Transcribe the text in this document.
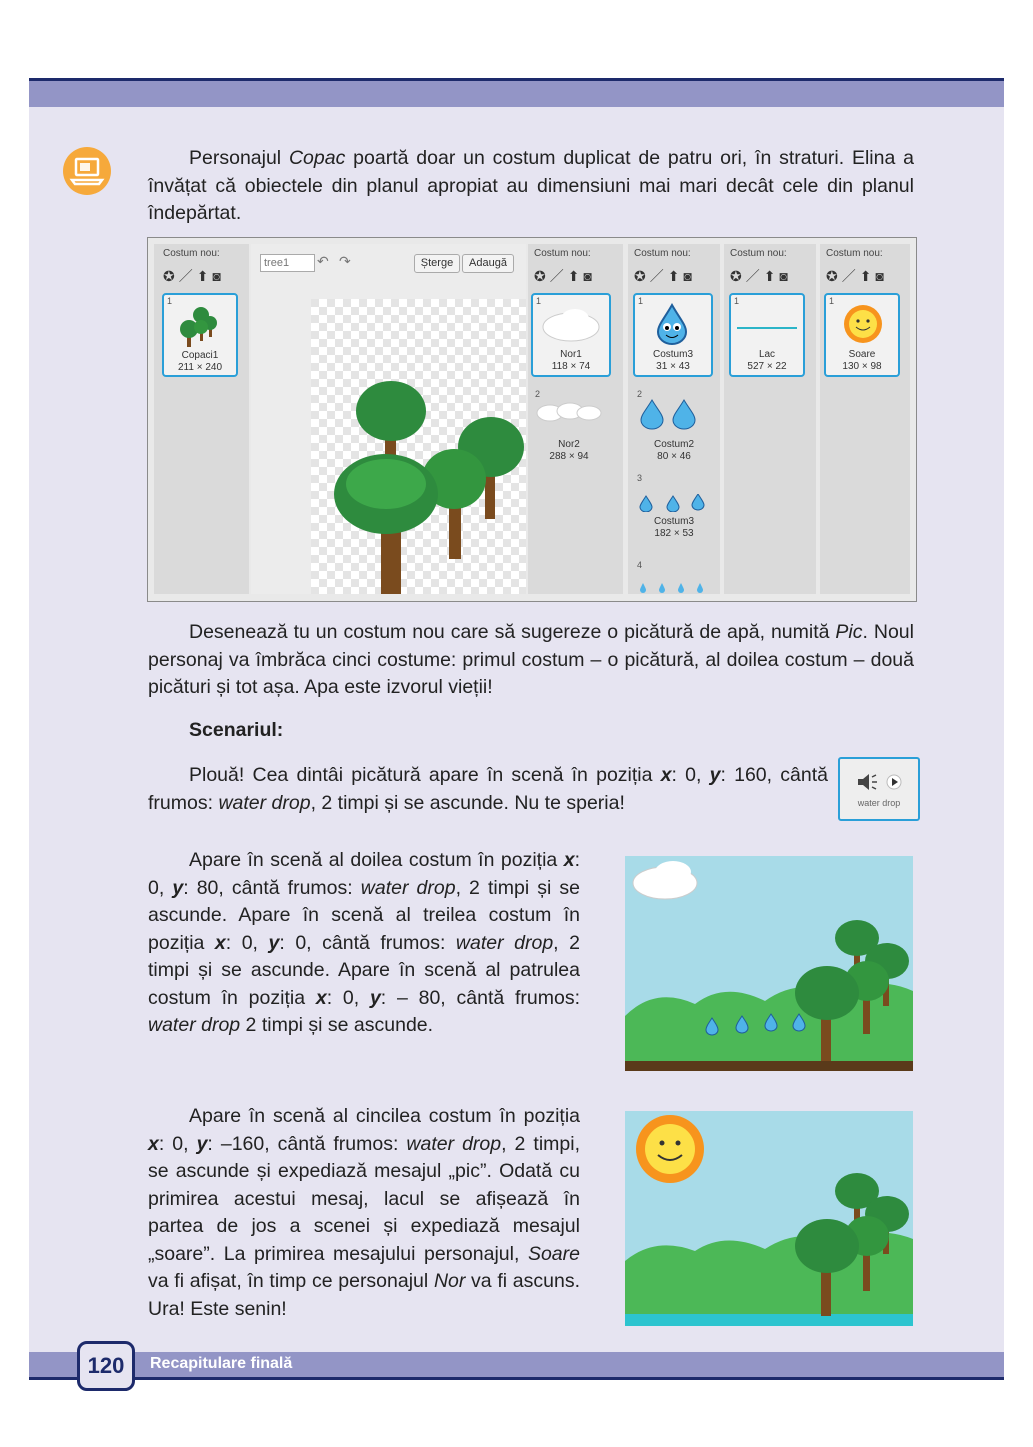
120	Recapitulare finală
Personajul Copac poartă doar un costum duplicat de patru ori, în straturi. Elina a învățat că obiectele din planul apropiat au dimensiuni mai mari decât cele din planul îndepărtat.
Costum nou:
✪／⬆◙
1
Copaci1
211 × 240
tree1	↶ ↷	Șterge	Adaugă
Costum nou:
✪／⬆◙
1
Nor1
118 × 74
2
Nor2
288 × 94
Costum nou:
✪／⬆◙
1
Costum3
31 × 43
2
Costum2
80 × 46
3
Costum3
182 × 53
4
Costum nou:
✪／⬆◙
1
Lac
527 × 22
Costum nou:
✪／⬆◙
1
Soare
130 × 98
Desenează tu un costum nou care să sugereze o picătură de apă, numită Pic. Noul personaj va îmbrăca cinci costume: primul costum – o picătură, al doilea costum – două picături și tot așa. Apa este izvorul vieții!
Scenariul:
Plouă! Cea dintâi picătură apare în scenă în poziția x: 0, y: 160, cântă frumos: water drop, 2 timpi și se ascunde. Nu te speria!	water drop
Apare în scenă al doilea costum în poziția x: 0, y: 80, cântă frumos: water drop, 2 timpi și se ascunde. Apare în scenă al treilea costum în poziția x: 0, y: 0, cântă frumos: water drop, 2 timpi și se ascunde. Apare în scenă al patrulea costum în poziția x: 0, y: – 80, cântă frumos: water drop 2 timpi și se ascunde.
Apare în scenă al cincilea costum în poziția x: 0, y: –160, cântă frumos: water drop, 2 timpi, se ascunde și expediază mesajul „pic”. Odată cu primirea acestui mesaj, lacul se afișează în partea de jos a scenei și expediază mesajul „soare”. La primirea mesajului personajul, Soare va fi afișat, în timp ce personajul Nor va fi ascuns. Ura! Este senin!
